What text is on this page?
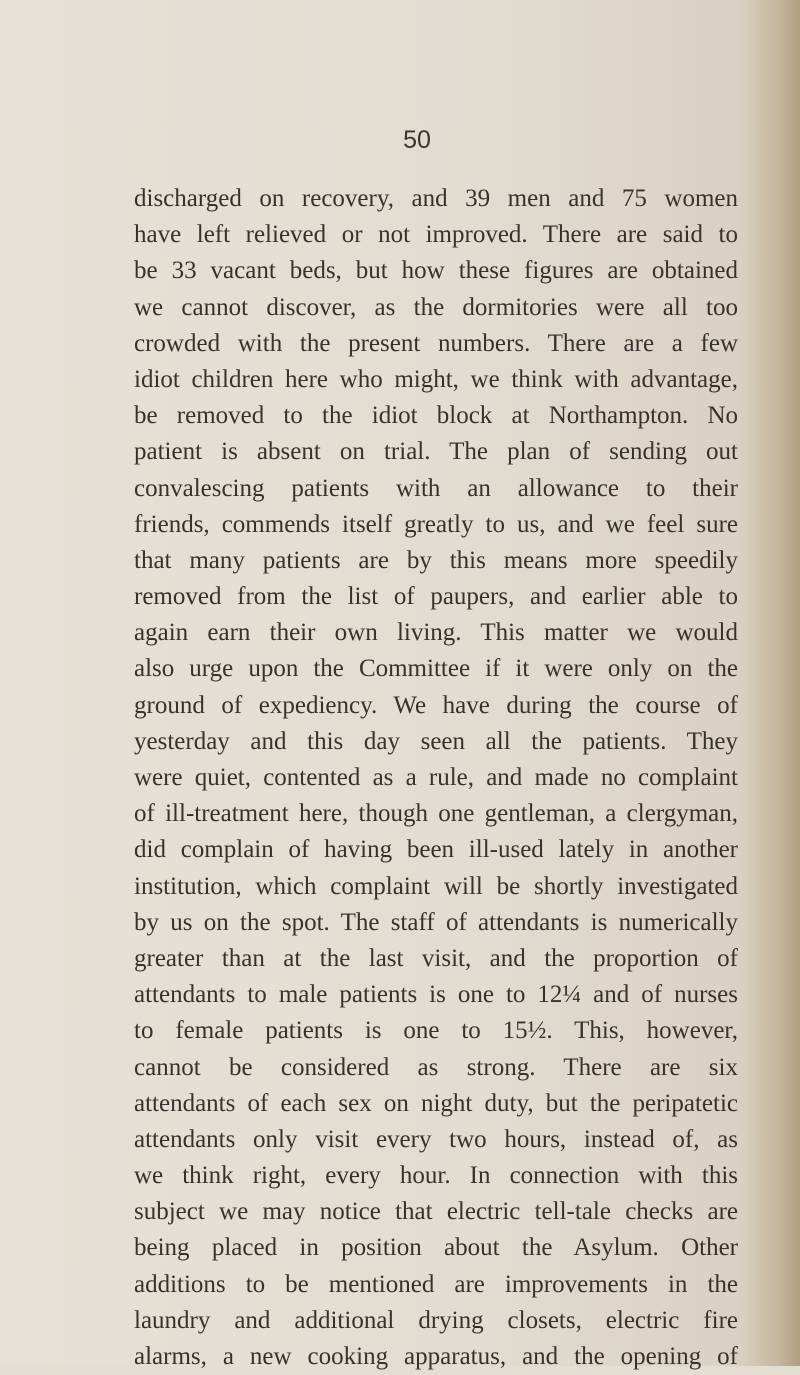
50
discharged on recovery, and 39 men and 75 women
have left relieved or not improved. There are said to
be 33 vacant beds, but how these figures are obtained
we cannot discover, as the dormitories were all too
crowded with the present numbers. There are a few
idiot children here who might, we think with advantage,
be removed to the idiot block at Northampton. No
patient is absent on trial. The plan of sending out
convalescing patients with an allowance to their
friends, commends itself greatly to us, and we feel sure
that many patients are by this means more speedily
removed from the list of paupers, and earlier able to
again earn their own living. This matter we would
also urge upon the Committee if it were only on the
ground of expediency. We have during the course of
yesterday and this day seen all the patients. They
were quiet, contented as a rule, and made no complaint
of ill-treatment here, though one gentleman, a clergyman,
did complain of having been ill-used lately in another
institution, which complaint will be shortly investigated
by us on the spot. The staff of attendants is numerically
greater than at the last visit, and the proportion of
attendants to male patients is one to 12¼ and of nurses
to female patients is one to 15½. This, however,
cannot be considered as strong. There are six
attendants of each sex on night duty, but the peripatetic
attendants only visit every two hours, instead of, as
we think right, every hour. In connection with this
subject we may notice that electric tell-tale checks are
being placed in position about the Asylum. Other
additions to be mentioned are improvements in the
laundry and additional drying closets, electric fire
alarms, a new cooking apparatus, and the opening of
